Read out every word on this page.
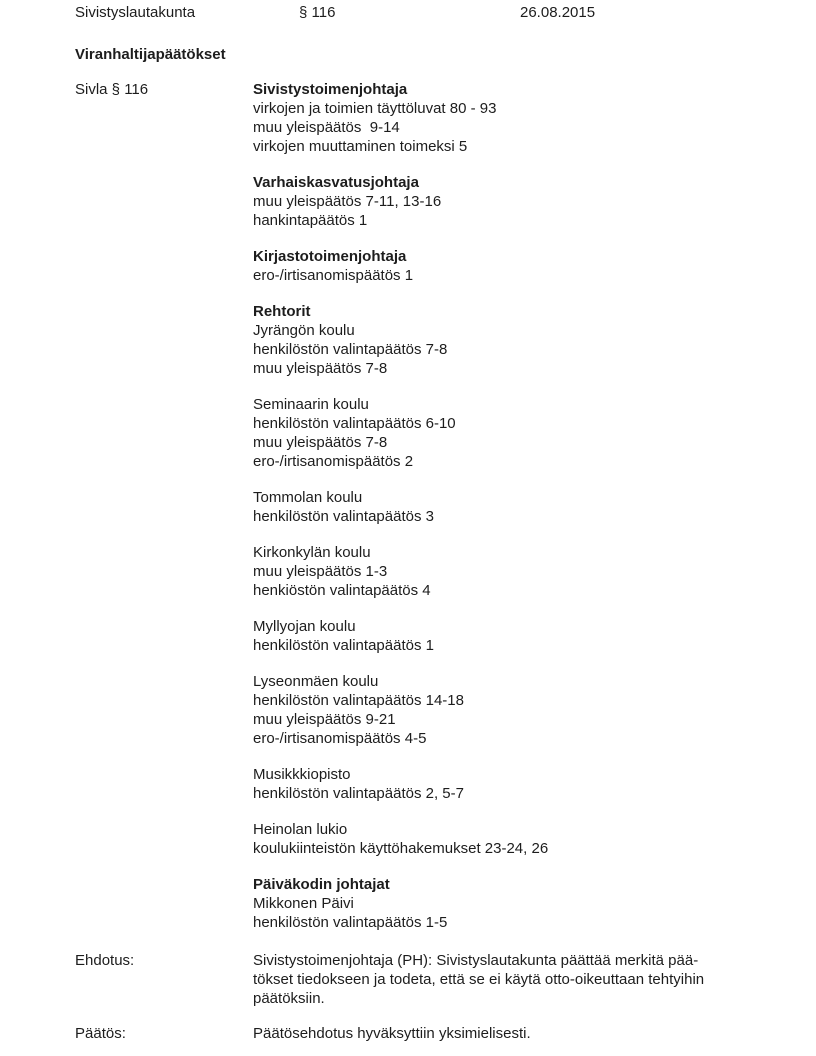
Sivistyslautakunta	§ 116	26.08.2015
Viranhaltijapäätökset
Sivla § 116	Sivistystoimenjohtaja
virkojen ja toimien täyttöluvat 80 - 93
muu yleispäätös  9-14
virkojen muuttaminen toimeksi 5
Varhaiskasvatusjohtaja
muu yleispäätös 7-11, 13-16
hankintapäätös 1
Kirjastotoimenjohtaja
ero-/irtisanomispäätös 1
Rehtorit
Jyrängön koulu
henkilöstön valintapäätös 7-8
muu yleispäätös 7-8
Seminaarin koulu
henkilöstön valintapäätös 6-10
muu yleispäätös 7-8
ero-/irtisanomispäätös 2
Tommolan koulu
henkilöstön valintapäätös 3
Kirkonkylän koulu
muu yleispäätös 1-3
henkiöstön valintapäätös 4
Myllyojan koulu
henkilöstön valintapäätös 1
Lyseonmäen koulu
henkilöstön valintapäätös 14-18
muu yleispäätös 9-21
ero-/irtisanomispäätös 4-5
Musikkkiopisto
henkilöstön valintapäätös 2, 5-7
Heinolan lukio
koulukiinteistön käyttöhakemukset 23-24, 26
Päiväkodin johtajat
Mikkonen Päivi
henkilöstön valintapäätös 1-5
Ehdotus:	Sivistystoimenjohtaja (PH): Sivistyslautakunta päättää merkitä pää-
tökset tiedokseen ja todeta, että se ei käytä otto-oikeuttaan tehtyihin
päätöksiin.
Päätös:	Päätösehdotus hyväksyttiin yksimielisesti.
